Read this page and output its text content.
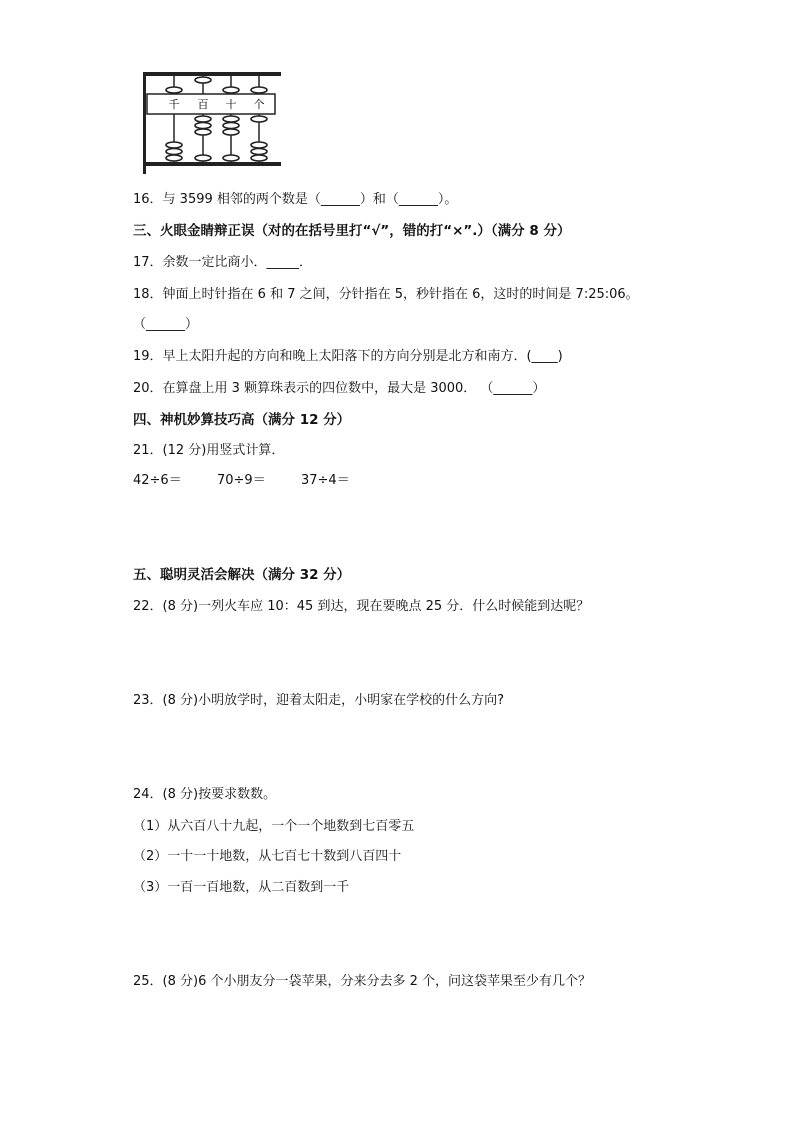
千 百 十 个
16．与 3599 相邻的两个数是（______）和（______）。
三、火眼金睛辩正误（对的在括号里打“√”，错的打“×”.）（满分 8 分）
17．余数一定比商小．_____．
18．钟面上时针指在 6 和 7 之间，分针指在 5，秒针指在 6，这时的时间是 7:25:06。
（______）
19．早上太阳升起的方向和晚上太阳落下的方向分别是北方和南方．(____)
20．在算盘上用 3 颗算珠表示的四位数中，最大是 3000． （______）
四、神机妙算技巧高（满分 12 分）
21．(12 分)用竖式计算．
42÷6＝	70÷9＝	37÷4＝
五、聪明灵活会解决（满分 32 分）
22．(8 分)一列火车应 10：45 到达，现在要晚点 25 分．什么时候能到达呢？
23．(8 分)小明放学时，迎着太阳走，小明家在学校的什么方向?
24．(8 分)按要求数数。
（1）从六百八十九起，一个一个地数到七百零五
（2）一十一十地数，从七百七十数到八百四十
（3）一百一百地数，从二百数到一千
25．(8 分)6 个小朋友分一袋苹果，分来分去多 2 个，问这袋苹果至少有几个？
